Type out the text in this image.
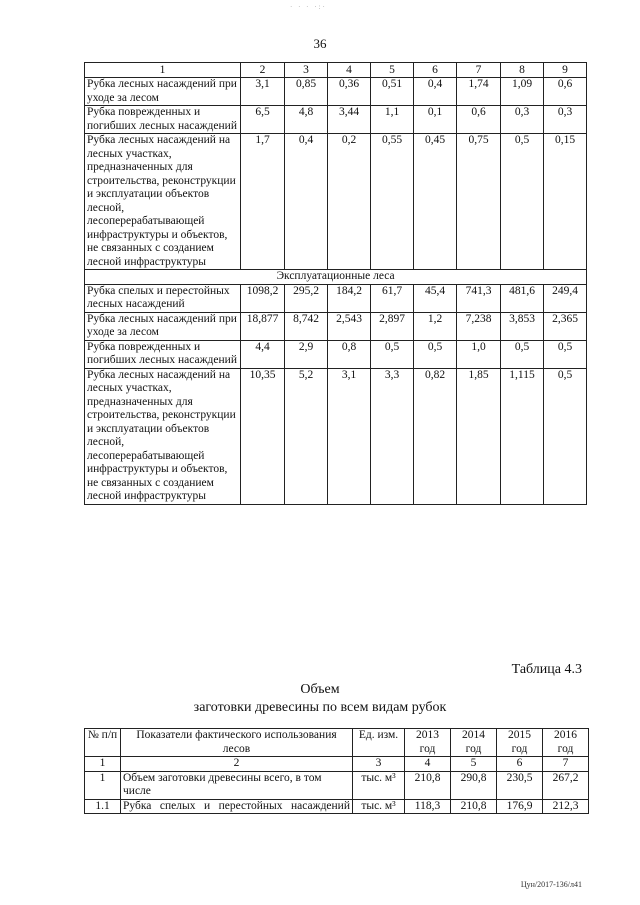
· · · ·:·
36
1	2	3	4	5	6	7	8	9
Рубка лесных насаждений при уходе за лесом	3,1	0,85	0,36	0,51	0,4	1,74	1,09	0,6
Рубка поврежденных и погибших лесных насаждений	6,5	4,8	3,44	1,1	0,1	0,6	0,3	0,3
Рубка лесных насаждений на лесных участках, предназначенных для строительства, реконструкции и эксплуатации объектов лесной, лесоперерабатывающей инфраструктуры и объектов, не связанных с созданием лесной инфраструктуры	1,7	0,4	0,2	0,55	0,45	0,75	0,5	0,15
Эксплуатационные леса								
Рубка спелых и перестойных лесных насаждений	1098,2	295,2	184,2	61,7	45,4	741,3	481,6	249,4
Рубка лесных насаждений при уходе за лесом	18,877	8,742	2,543	2,897	1,2	7,238	3,853	2,365
Рубка поврежденных и погибших лесных насаждений	4,4	2,9	0,8	0,5	0,5	1,0	0,5	0,5
Рубка лесных насаждений на лесных участках, предназначенных для строительства, реконструкции и эксплуатации объектов лесной, лесоперерабатывающей инфраструктуры и объектов, не связанных с созданием лесной инфраструктуры	10,35	5,2	3,1	3,3	0,82	1,85	1,115	0,5
Таблица 4.3
Объем
заготовки древесины по всем видам рубок
№ п/п	Показатели фактического использования лесов	Ед. изм.	2013 год	2014 год	2015 год	2016 год
1	2	3	4	5	6	7
1	Объем заготовки древесины всего, в том числе	тыс. м³	210,8	290,8	230,5	267,2
1.1	Рубка спелых и перестойных насаждений	тыс. м³	118,3	210,8	176,9	212,3
Цун/2017-136/л41
